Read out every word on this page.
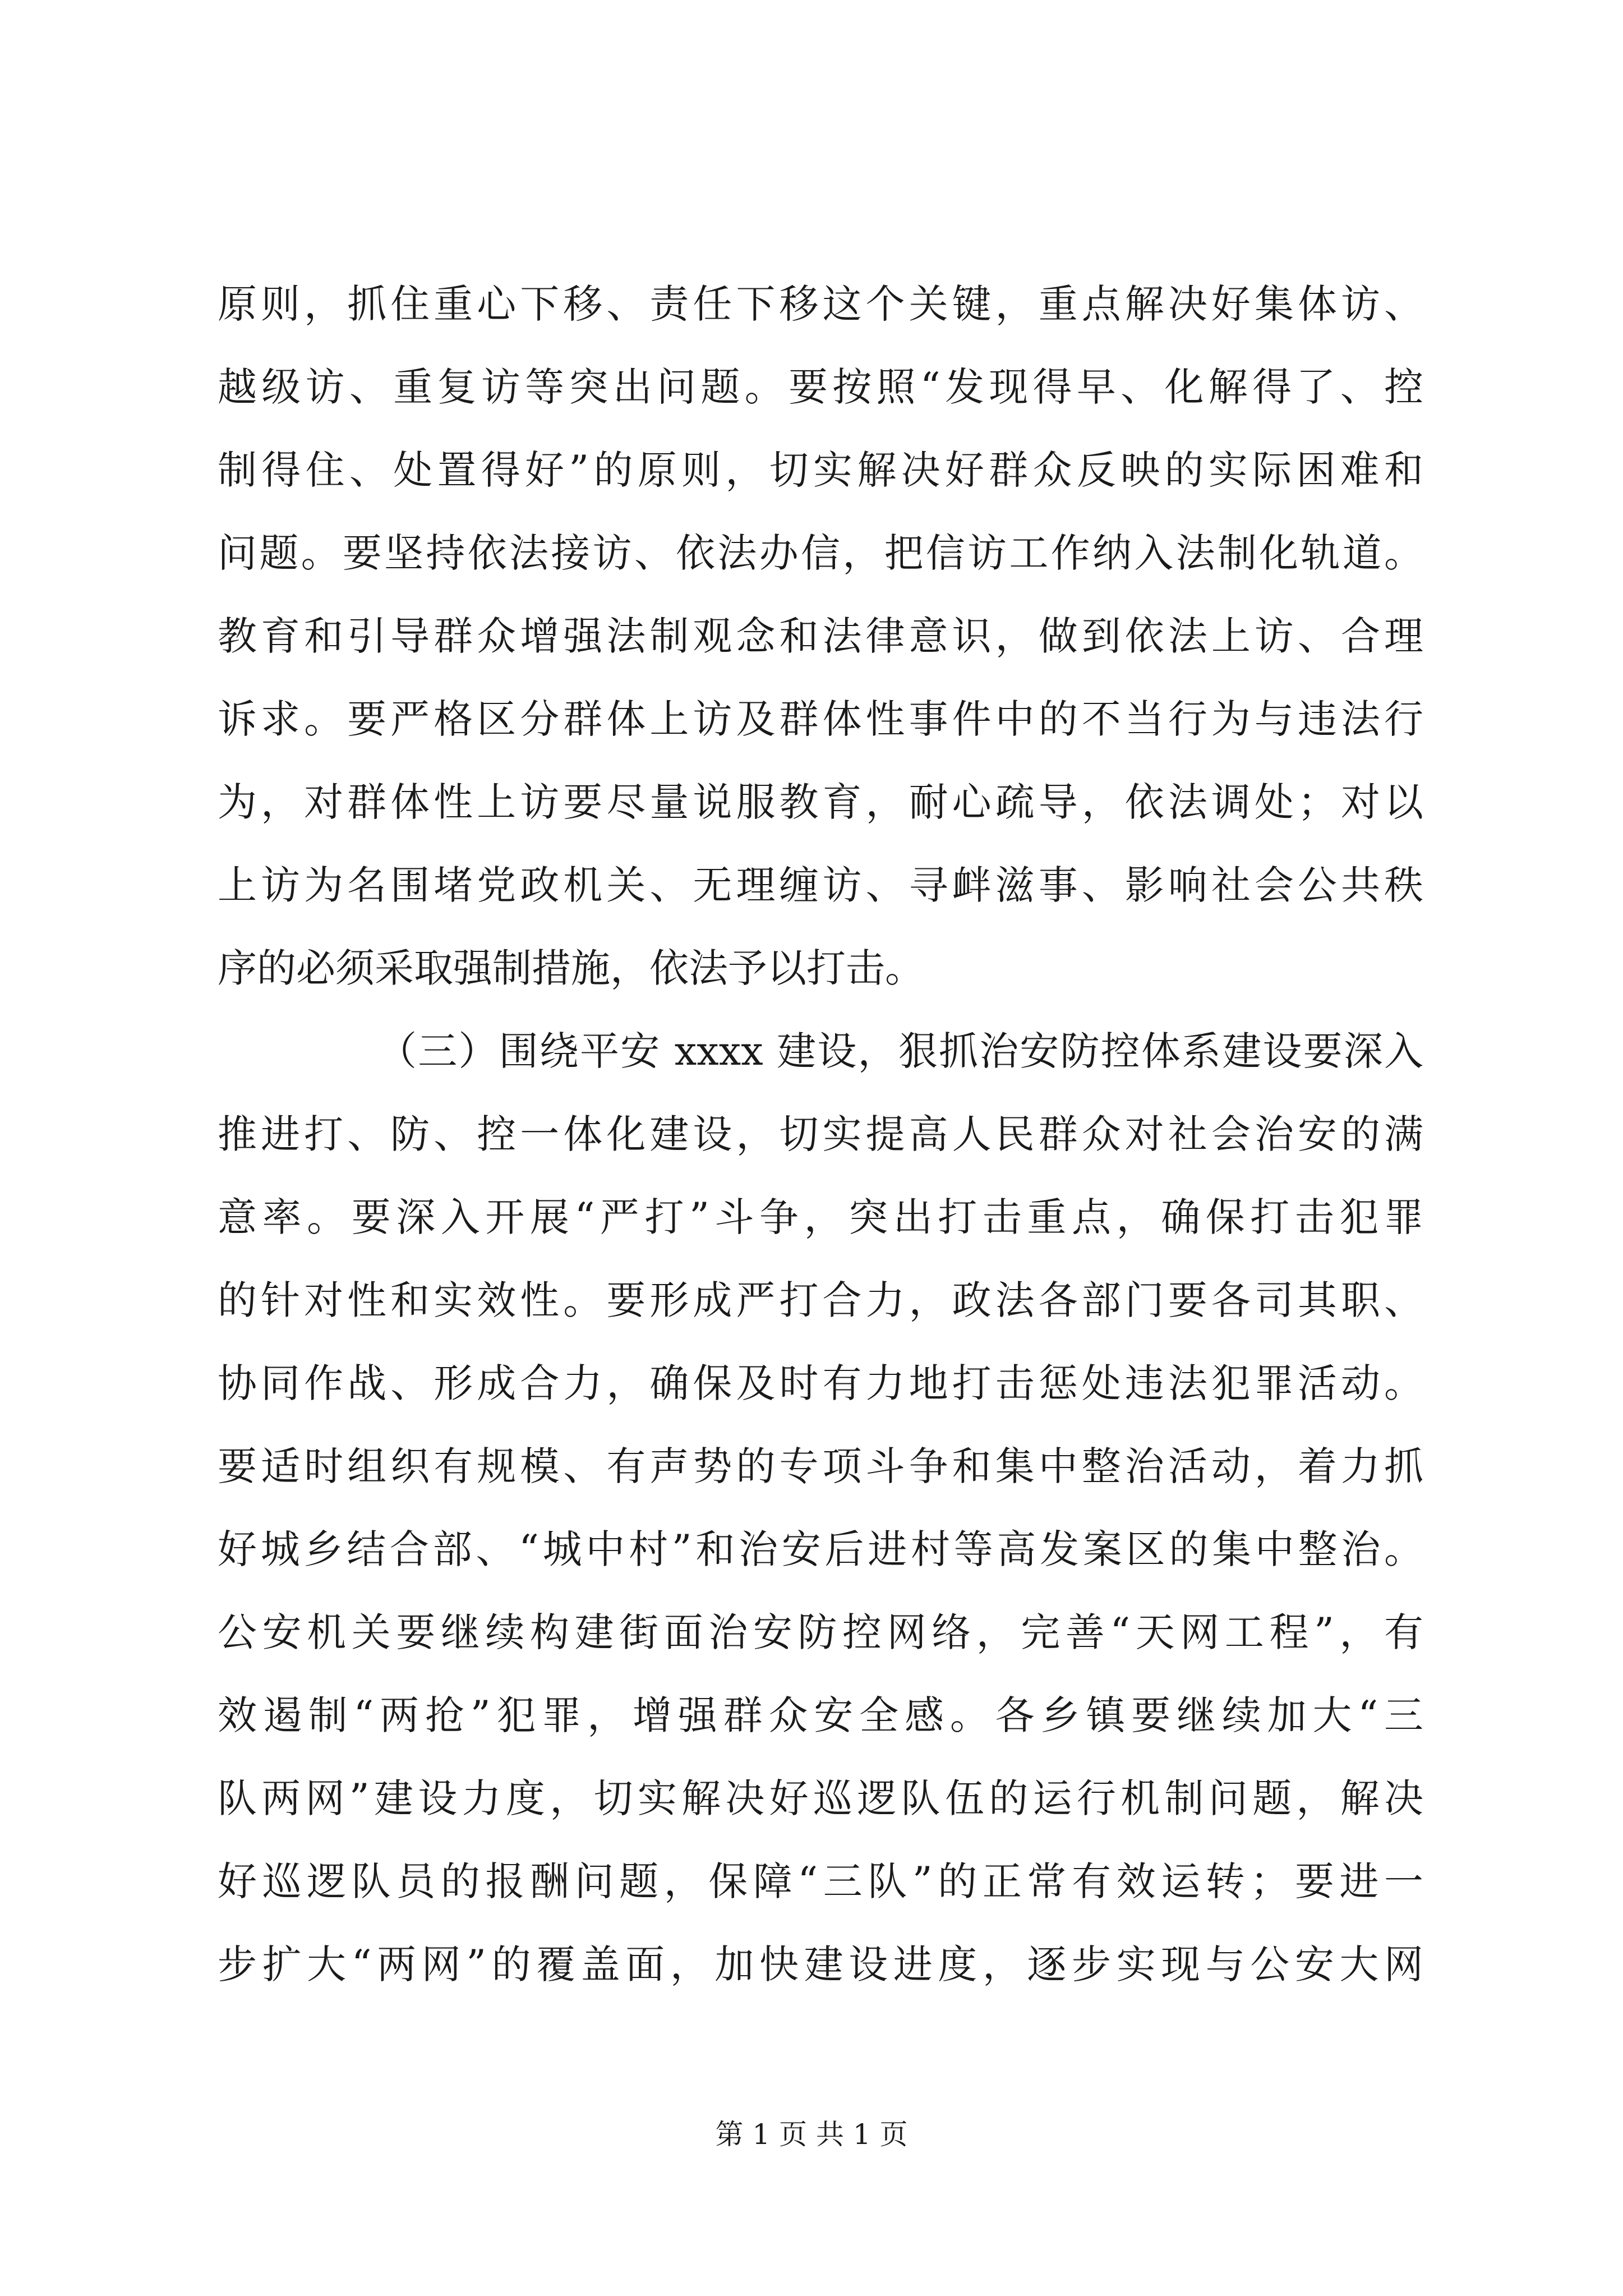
原则，抓住重心下移、责任下移这个关键，重点解决好集体访、
越级访、重复访等突出问题。要按照“发现得早、化解得了、控
制得住、处置得好”的原则，切实解决好群众反映的实际困难和
问题。要坚持依法接访、依法办信，把信访工作纳入法制化轨道。
教育和引导群众增强法制观念和法律意识，做到依法上访、合理
诉求。要严格区分群体上访及群体性事件中的不当行为与违法行
为，对群体性上访要尽量说服教育，耐心疏导，依法调处；对以
上访为名围堵党政机关、无理缠访、寻衅滋事、影响社会公共秩
序的必须采取强制措施，依法予以打击。
（三）围绕平安 xxxx 建设，狠抓治安防控体系建设要深入
推进打、防、控一体化建设，切实提高人民群众对社会治安的满
意率。要深入开展“严打”斗争，突出打击重点，确保打击犯罪
的针对性和实效性。要形成严打合力，政法各部门要各司其职、
协同作战、形成合力，确保及时有力地打击惩处违法犯罪活动。
要适时组织有规模、有声势的专项斗争和集中整治活动，着力抓
好城乡结合部、“城中村”和治安后进村等高发案区的集中整治。
公安机关要继续构建街面治安防控网络，完善“天网工程”，有
效遏制“两抢”犯罪，增强群众安全感。各乡镇要继续加大“三
队两网”建设力度，切实解决好巡逻队伍的运行机制问题，解决
好巡逻队员的报酬问题，保障“三队”的正常有效运转；要进一
步扩大“两网”的覆盖面，加快建设进度，逐步实现与公安大网
第 1 页 共 1 页
